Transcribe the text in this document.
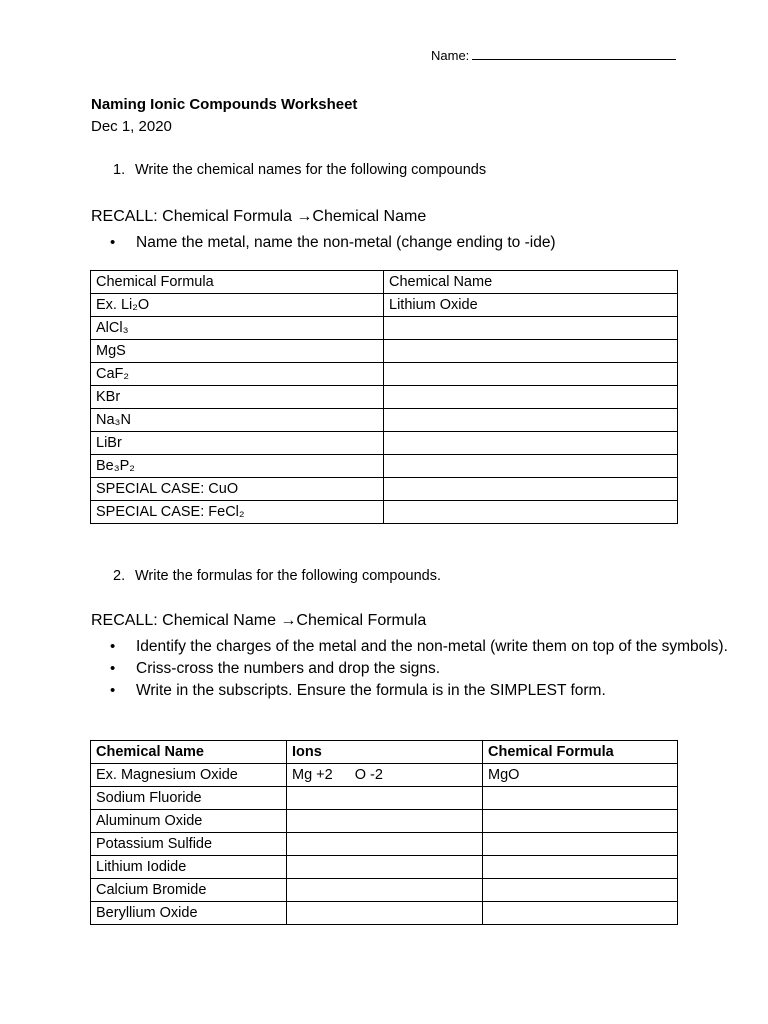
Name:
Naming Ionic Compounds Worksheet
Dec 1, 2020
1. Write the chemical names for the following compounds
RECALL: Chemical Formula →Chemical Name
• Name the metal, name the non-metal (change ending to -ide)
Chemical Formula	Chemical Name
Ex. Li₂O	Lithium Oxide
AlCl₃	
MgS	
CaF₂	
KBr	
Na₃N	
LiBr	
Be₃P₂	
SPECIAL CASE: CuO	
SPECIAL CASE: FeCl₂	
2. Write the formulas for the following compounds.
RECALL: Chemical Name →Chemical Formula
• Identify the charges of the metal and the non-metal (write them on top of the symbols).
• Criss-cross the numbers and drop the signs.
• Write in the subscripts. Ensure the formula is in the SIMPLEST form.
Chemical Name	Ions	Chemical Formula
Ex. Magnesium Oxide	Mg +2 O -2	MgO
Sodium Fluoride		
Aluminum Oxide		
Potassium Sulfide		
Lithium Iodide		
Calcium Bromide		
Beryllium Oxide		
